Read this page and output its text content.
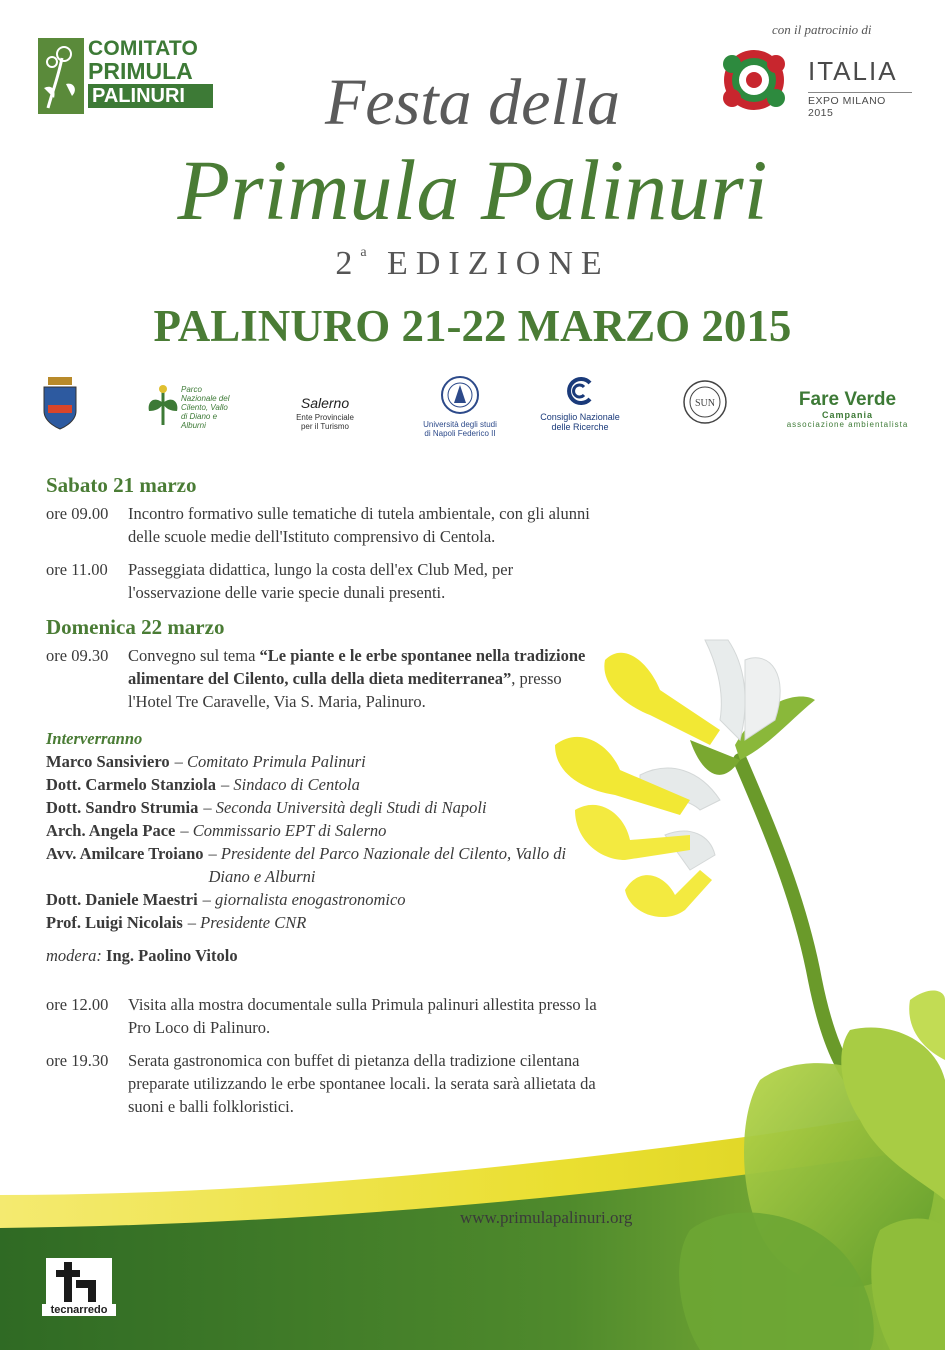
COMITATO
PRIMULA
PALINURI
con il patrocinio di
ITALIA
EXPO MILANO 2015
Festa della
Primula Palinuri
2$^a$ EDIZIONE
PALINURO 21-22 MARZO 2015
Parco Nazionale del Cilento, Vallo di Diano e Alburni
Salerno
Ente Provinciale per il Turismo	Università degli studi di Napoli Federico II
Consiglio Nazionale delle Ricerche
SUN	Fare Verde
Campania
associazione ambientalista
Sabato 21 marzo
ore 09.00	Incontro formativo sulle tematiche di tutela ambientale, con gli alunni delle scuole medie dell'Istituto comprensivo di Centola.
ore 11.00	Passeggiata didattica, lungo la costa dell'ex Club Med, per l'osservazione delle varie specie dunali presenti.
Domenica 22 marzo
ore 09.30	Convegno sul tema “Le piante e le erbe spontanee nella tradizione alimentare del Cilento, culla della dieta mediterranea”, presso l'Hotel Tre Caravelle, Via S. Maria, Palinuro.
Interverranno
Marco Sansiviero – Comitato Primula Palinuri
Dott. Carmelo Stanziola – Sindaco di Centola
Dott. Sandro Strumia – Seconda Università degli Studi di Napoli
Arch. Angela Pace – Commissario EPT di Salerno
Avv. Amilcare Troiano – Presidente del Parco Nazionale del Cilento, Vallo di Diano e Alburni
Dott. Daniele Maestri – giornalista enogastronomico
Prof. Luigi Nicolais – Presidente CNR
modera: Ing. Paolino Vitolo
ore 12.00	Visita alla mostra documentale sulla Primula palinuri allestita presso la Pro Loco di Palinuro.
ore 19.30	Serata gastronomica con buffet di pietanza della tradizione cilentana preparate utilizzando le erbe spontanee locali. la serata sarà allietata da suoni e balli folkloristici.
www.primulapalinuri.org
tecnarredo
